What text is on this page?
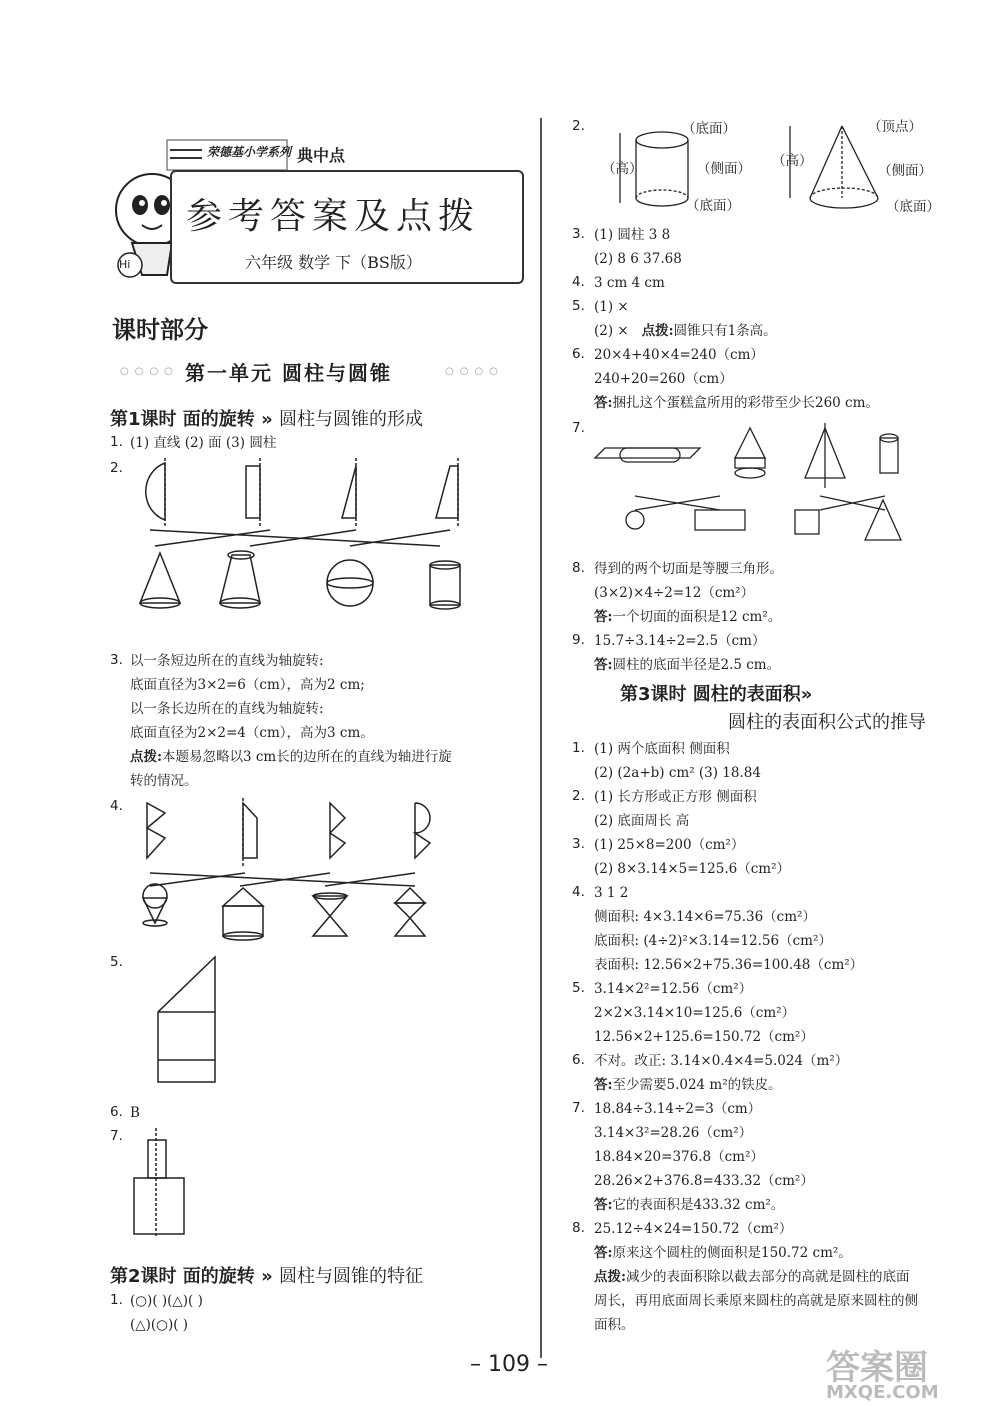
荣德基小学系列 典中点
Hi
参考答案及点拨
六年级 数学 下（BS版）
课时部分
○○○○ 第一单元 圆柱与圆锥	○○○○
第1课时 面的旋转 » 圆柱与圆锥的形成
1. (1) 直线 (2) 面 (3) 圆柱
2.
3. 以一条短边所在的直线为轴旋转:
底面直径为3×2=6（cm），高为2 cm;
以一条长边所在的直线为轴旋转:
底面直径为2×2=4（cm），高为3 cm。
点拨:本题易忽略以3 cm长的边所在的直线为轴进行旋
转的情况。
4.
5.
6. B
7.
第2课时 面的旋转 » 圆柱与圆锥的特征
1. (○)( )(△)( )
(△)(○)( )
2.	（底面）
（高）	（侧面）
（底面）
（顶点）
（高）
（侧面）
（底面）
3. (1) 圆柱 3 8
(2) 8 6 37.68
4. 3 cm 4 cm
5. (1) ×
(2) × 点拨:圆锥只有1条高。
6. 20×4+40×4=240（cm）
240+20=260（cm）
答:捆扎这个蛋糕盒所用的彩带至少长260 cm。
7.
8. 得到的两个切面是等腰三角形。
(3×2)×4÷2=12（cm²）
答:一个切面的面积是12 cm²。
9. 15.7÷3.14÷2=2.5（cm）
答:圆柱的底面半径是2.5 cm。
第3课时 圆柱的表面积»
圆柱的表面积公式的推导
1. (1) 两个底面积 侧面积
(2) (2a+b) cm² (3) 18.84
2. (1) 长方形或正方形 侧面积
(2) 底面周长 高
3. (1) 25×8=200（cm²）
(2) 8×3.14×5=125.6（cm²）
4. 3 1 2
侧面积: 4×3.14×6=75.36（cm²）
底面积: (4÷2)²×3.14=12.56（cm²）
表面积: 12.56×2+75.36=100.48（cm²）
5. 3.14×2²=12.56（cm²）
2×2×3.14×10=125.6（cm²）
12.56×2+125.6=150.72（cm²）
6. 不对。改正: 3.14×0.4×4=5.024（m²）
答:至少需要5.024 m²的铁皮。
7. 18.84÷3.14÷2=3（cm）
3.14×3²=28.26（cm²）
18.84×20=376.8（cm²）
28.26×2+376.8=433.32（cm²）
答:它的表面积是433.32 cm²。
8. 25.12÷4×24=150.72（cm²）
答:原来这个圆柱的侧面积是150.72 cm²。
点拨:减少的表面积除以截去部分的高就是圆柱的底面
周长，再用底面周长乘原来圆柱的高就是原来圆柱的侧
面积。
– 109 –	答案圈
MXQE.COM
